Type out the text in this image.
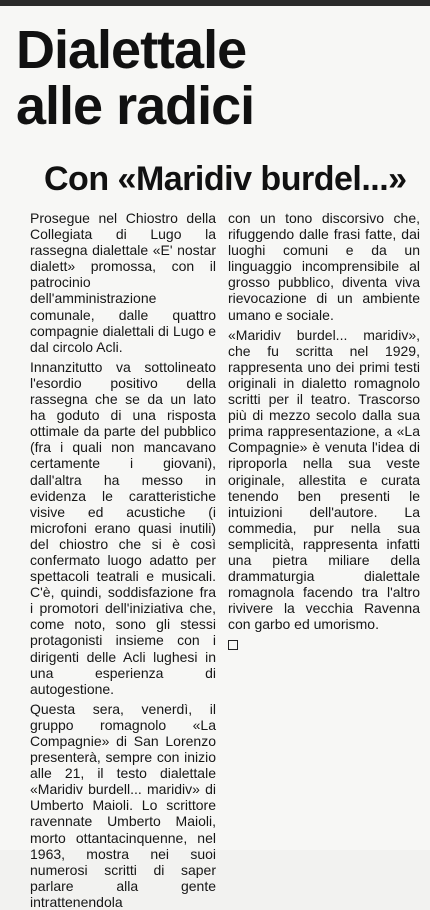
Dialettale
alle radici
Con «Maridiv burdel...»

Prosegue nel Chiostro della Collegiata di Lugo la rassegna dialettale «E' nostar dialett» promossa, con il patrocinio dell'amministrazione comunale, dalle quattro compagnie dialettali di Lugo e dal circolo Acli.

Innanzitutto va sottolineato l'esordio positivo della rassegna che se da un lato ha goduto di una risposta ottimale da parte del pubblico (fra i quali non mancavano certamente i giovani), dall'altra ha messo in evidenza le caratteristiche visive ed acustiche (i microfoni erano quasi inutili) del chiostro che si è così confermato luogo adatto per spettacoli teatrali e musicali. C'è, quindi, soddisfazione fra i promotori dell'iniziativa che, come noto, sono gli stessi protagonisti insieme con i dirigenti delle Acli lughesi in una esperienza di autogestione.

Questa sera, venerdì, il gruppo romagnolo «La Compagnie» di San Lorenzo presenterà, sempre con inizio alle 21, il testo dialettale «Maridiv burdell... maridiv» di Umberto Maioli. Lo scrittore ravennate Umberto Maioli, morto ottantacinquenne, nel 1963, mostra nei suoi numerosi scritti di saper parlare alla gente intrattenendola

con un tono discorsivo che, rifuggendo dalle frasi fatte, dai luoghi comuni e da un linguaggio incomprensibile al grosso pubblico, diventa viva rievocazione di un ambiente umano e sociale.

«Maridiv burdel... maridiv», che fu scritta nel 1929, rappresenta uno dei primi testi originali in dialetto romagnolo scritti per il teatro. Trascorso più di mezzo secolo dalla sua prima rappresentazione, a «La Compagnie» è venuta l'idea di riproporla nella sua veste originale, allestita e curata tenendo ben presenti le intuizioni dell'autore. La commedia, pur nella sua semplicità, rappresenta infatti una pietra miliare della drammaturgia dialettale romagnola facendo tra l'altro rivivere la vecchia Ravenna con garbo ed umorismo.
